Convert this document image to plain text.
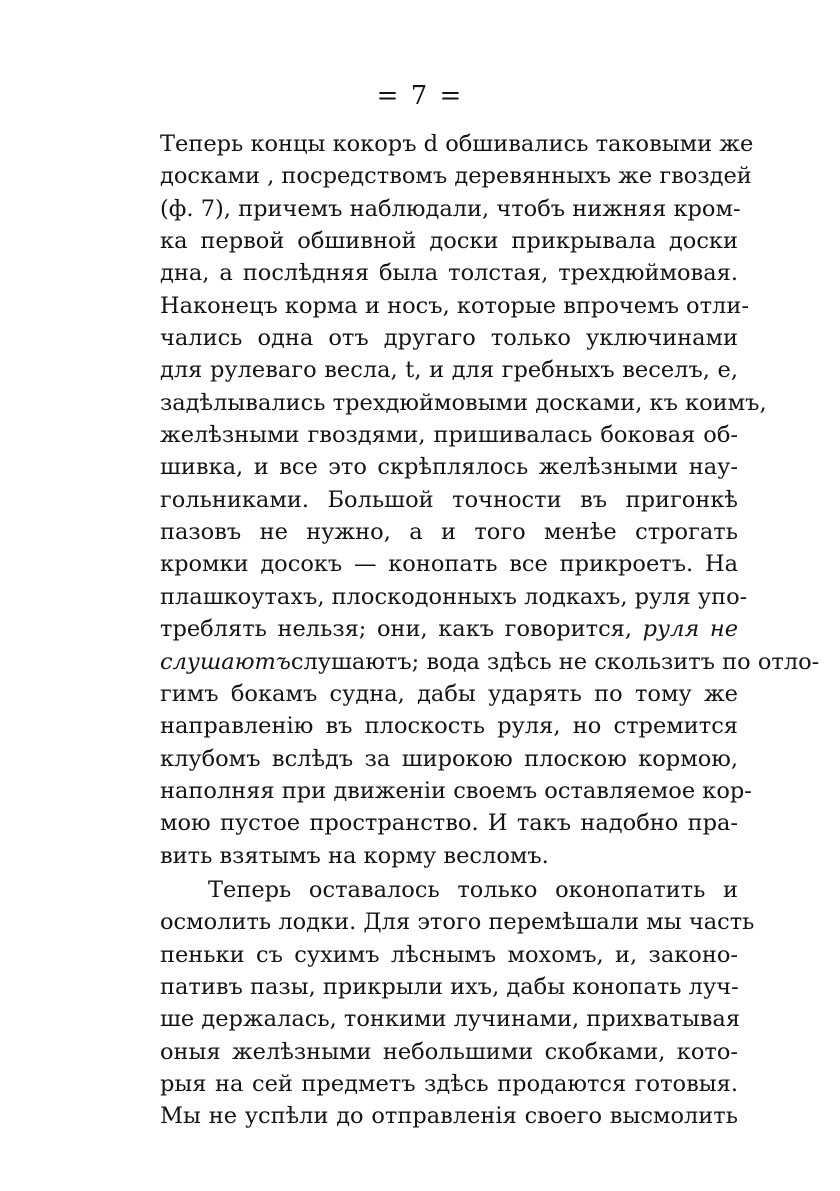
= 7 =
Теперь концы кокоръ d обшивались таковыми же
досками , посредствомъ деревянныхъ же гвоздей
(ф. 7), причемъ наблюдали, чтобъ нижняя кром-
ка первой обшивной доски прикрывала доски
дна, а послѣдняя была толстая, трехдюймовая.
Наконецъ корма и носъ, которые впрочемъ отли-
чались одна отъ другаго только уключинами
для рулеваго весла, t, и для гребныхъ веселъ, e,
задѣлывались трехдюймовыми досками, къ коимъ,
желѣзными гвоздями, пришивалась боковая об-
шивка, и все это скрѣплялось желѣзными нау-
гольниками. Большой точности въ пригонкѣ
пазовъ не нужно, а и того менѣе строгать
кромки досокъ — конопать все прикроетъ. На
плашкоутахъ, плоскодонныхъ лодкахъ, руля упо-
треблять нельзя; они, какъ говорится, руля не
слушаютъслушаютъ; вода здѣсь не скользитъ по отло-
гимъ бокамъ судна, дабы ударять по тому же
направленію въ плоскость руля, но стремится
клубомъ вслѣдъ за широкою плоскою кормою,
наполняя при движеніи своемъ оставляемое кор-
мою пустое пространство. И такъ надобно пра-
вить взятымъ на корму весломъ.
Теперь оставалось только оконопатить и
осмолить лодки. Для этого перемѣшали мы часть
пеньки съ сухимъ лѣснымъ мохомъ, и, законо-
пативъ пазы, прикрыли ихъ, дабы конопать луч-
ше держалась, тонкими лучинами, прихватывая
оныя желѣзными небольшими скобками, кото-
рыя на сей предметъ здѣсь продаются готовыя.
Мы не успѣли до отправленія своего высмолить
